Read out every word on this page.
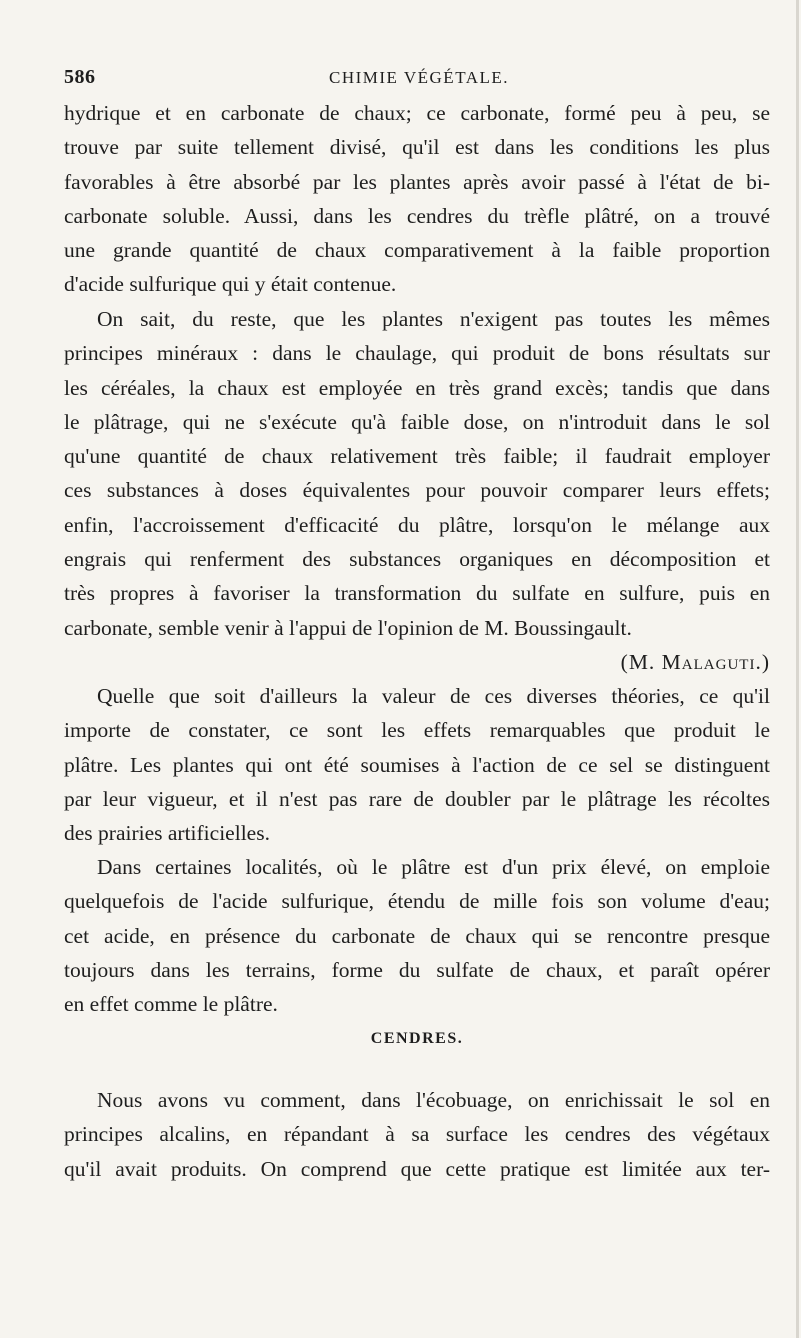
586	CHIMIE VÉGÉTALE.
hydrique et en carbonate de chaux; ce carbonate, formé peu à peu, se
trouve par suite tellement divisé, qu'il est dans les conditions les plus
favorables à être absorbé par les plantes après avoir passé à l'état de bi-
carbonate soluble. Aussi, dans les cendres du trèfle plâtré, on a trouvé
une grande quantité de chaux comparativement à la faible proportion
d'acide sulfurique qui y était contenue.
On sait, du reste, que les plantes n'exigent pas toutes les mêmes
principes minéraux : dans le chaulage, qui produit de bons résultats sur
les céréales, la chaux est employée en très grand excès; tandis que dans
le plâtrage, qui ne s'exécute qu'à faible dose, on n'introduit dans le sol
qu'une quantité de chaux relativement très faible; il faudrait employer
ces substances à doses équivalentes pour pouvoir comparer leurs effets;
enfin, l'accroissement d'efficacité du plâtre, lorsqu'on le mélange aux
engrais qui renferment des substances organiques en décomposition et
très propres à favoriser la transformation du sulfate en sulfure, puis en
carbonate, semble venir à l'appui de l'opinion de M. Boussingault.
(M. Malaguti.)
Quelle que soit d'ailleurs la valeur de ces diverses théories, ce qu'il
importe de constater, ce sont les effets remarquables que produit le
plâtre. Les plantes qui ont été soumises à l'action de ce sel se distinguent
par leur vigueur, et il n'est pas rare de doubler par le plâtrage les récoltes
des prairies artificielles.
Dans certaines localités, où le plâtre est d'un prix élevé, on emploie
quelquefois de l'acide sulfurique, étendu de mille fois son volume d'eau;
cet acide, en présence du carbonate de chaux qui se rencontre presque
toujours dans les terrains, forme du sulfate de chaux, et paraît opérer
en effet comme le plâtre.
CENDRES.
Nous avons vu comment, dans l'écobuage, on enrichissait le sol en
principes alcalins, en répandant à sa surface les cendres des végétaux
qu'il avait produits. On comprend que cette pratique est limitée aux ter-
